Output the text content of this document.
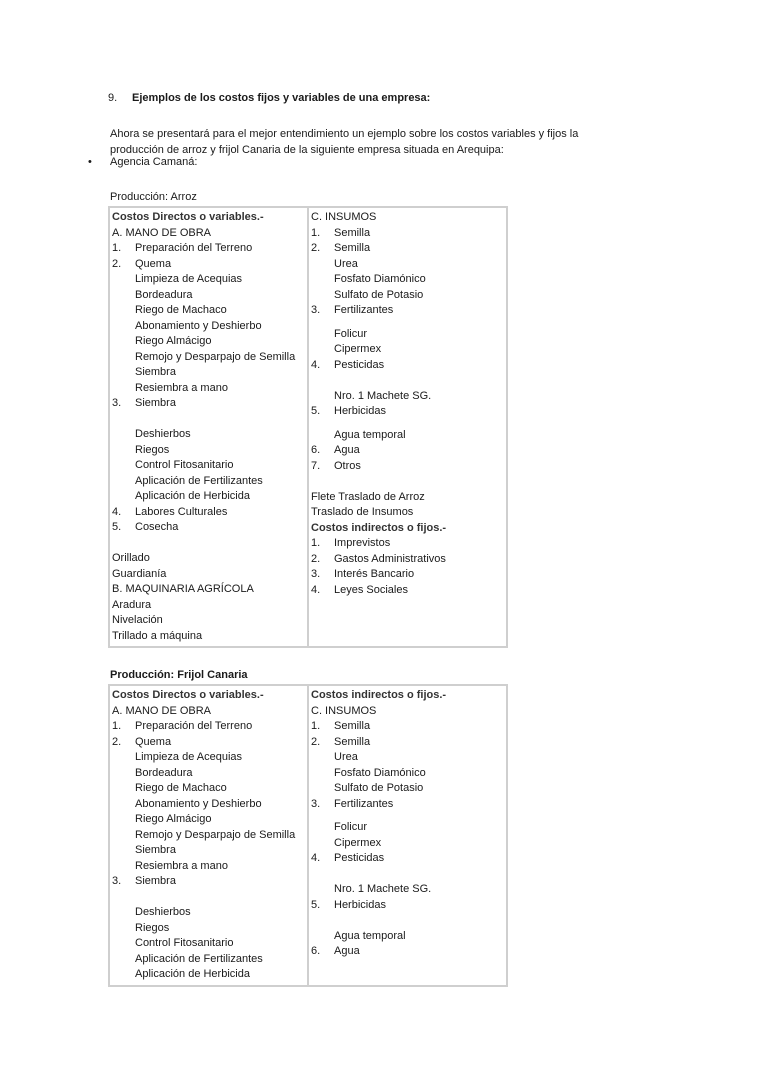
9. Ejemplos de los costos fijos y variables de una empresa:
Ahora se presentará para el mejor entendimiento un ejemplo sobre los costos variables y fijos la
producción de arroz y frijol Canaria de la siguiente empresa situada en Arequipa:
• Agencia Camaná:
Producción: Arroz
Costos Directos o variables.-
A. MANO DE OBRA
1. Preparación del Terreno
2. Quema
Limpieza de Acequias
Bordeadura
Riego de Machaco
Abonamiento y Deshierbo
Riego Almácigo
Remojo y Desparpajo de Semilla
Siembra
Resiembra a mano
3. Siembra
Deshierbos
Riegos
Control Fitosanitario
Aplicación de Fertilizantes
Aplicación de Herbicida
4. Labores Culturales
5. Cosecha
Orillado
Guardianía
B. MAQUINARIA AGRÍCOLA
Aradura
Nivelación
Trillado a máquina

C. INSUMOS
1. Semilla
2. Semilla
Urea
Fosfato Diamónico
Sulfato de Potasio
3. Fertilizantes
Folicur
Cipermex
4. Pesticidas
Nro. 1 Machete SG.
5. Herbicidas
Agua temporal
6. Agua
7. Otros
Flete Traslado de Arroz
Traslado de Insumos
Costos indirectos o fijos.-
1. Imprevistos
2. Gastos Administrativos
3. Interés Bancario
4. Leyes Sociales
Producción: Frijol Canaria
Costos Directos o variables.-
A. MANO DE OBRA
1. Preparación del Terreno
2. Quema
Limpieza de Acequias
Bordeadura
Riego de Machaco
Abonamiento y Deshierbo
Riego Almácigo
Remojo y Desparpajo de Semilla
Siembra
Resiembra a mano
3. Siembra
Deshierbos
Riegos
Control Fitosanitario
Aplicación de Fertilizantes
Aplicación de Herbicida

Costos indirectos o fijos.-
C. INSUMOS
1. Semilla
2. Semilla
Urea
Fosfato Diamónico
Sulfato de Potasio
3. Fertilizantes
Folicur
Cipermex
4. Pesticidas
Nro. 1 Machete SG.
5. Herbicidas
Agua temporal
6. Agua
